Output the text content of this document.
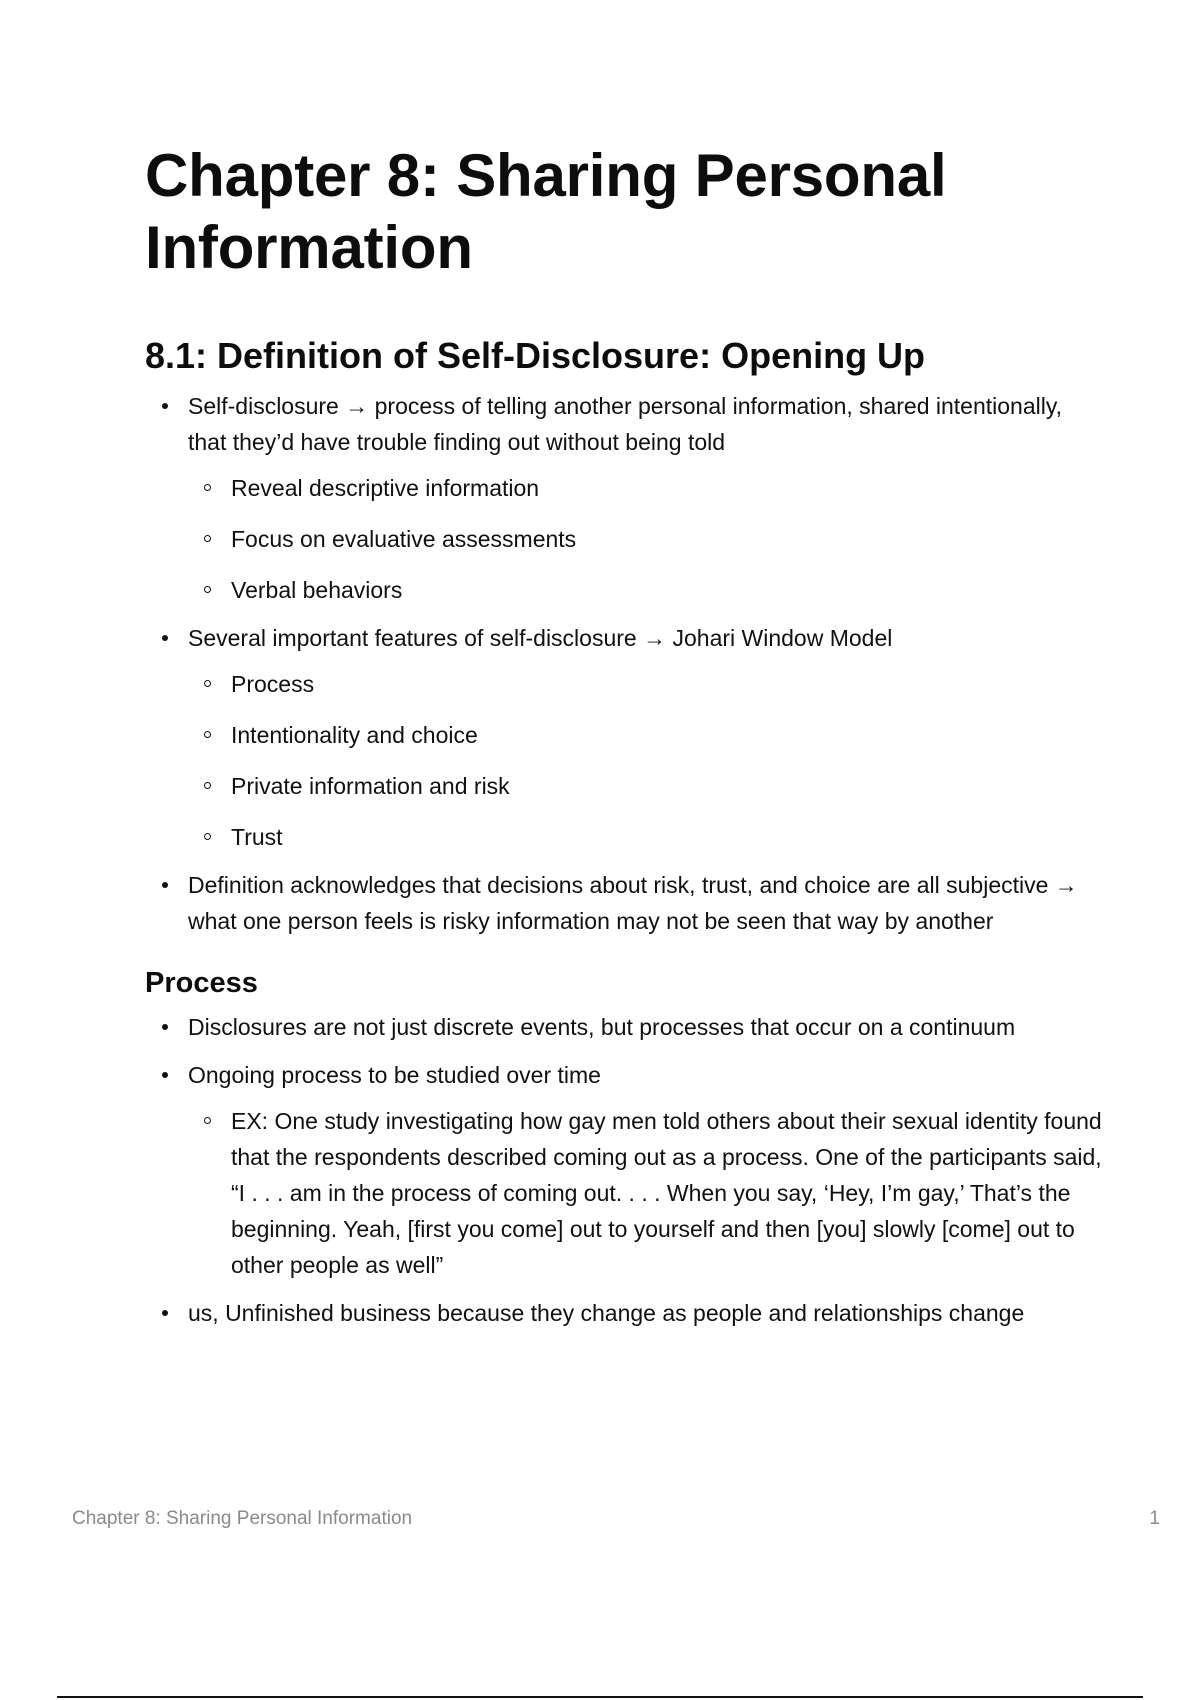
Chapter 8: Sharing Personal Information
8.1: Definition of Self-Disclosure: Opening Up
Self-disclosure → process of telling another personal information, shared intentionally, that they’d have trouble finding out without being told
Reveal descriptive information
Focus on evaluative assessments
Verbal behaviors
Several important features of self-disclosure → Johari Window Model
Process
Intentionality and choice
Private information and risk
Trust
Definition acknowledges that decisions about risk, trust, and choice are all subjective → what one person feels is risky information may not be seen that way by another
Process
Disclosures are not just discrete events, but processes that occur on a continuum
Ongoing process to be studied over time
EX: One study investigating how gay men told others about their sexual identity found that the respondents described coming out as a process. One of the participants said, “I . . . am in the process of coming out. . . . When you say, ‘Hey, I’m gay,’ That’s the beginning. Yeah, [first you come] out to yourself and then [you] slowly [come] out to other people as well”
us, Unfinished business because they change as people and relationships change
Chapter 8: Sharing Personal Information	1
